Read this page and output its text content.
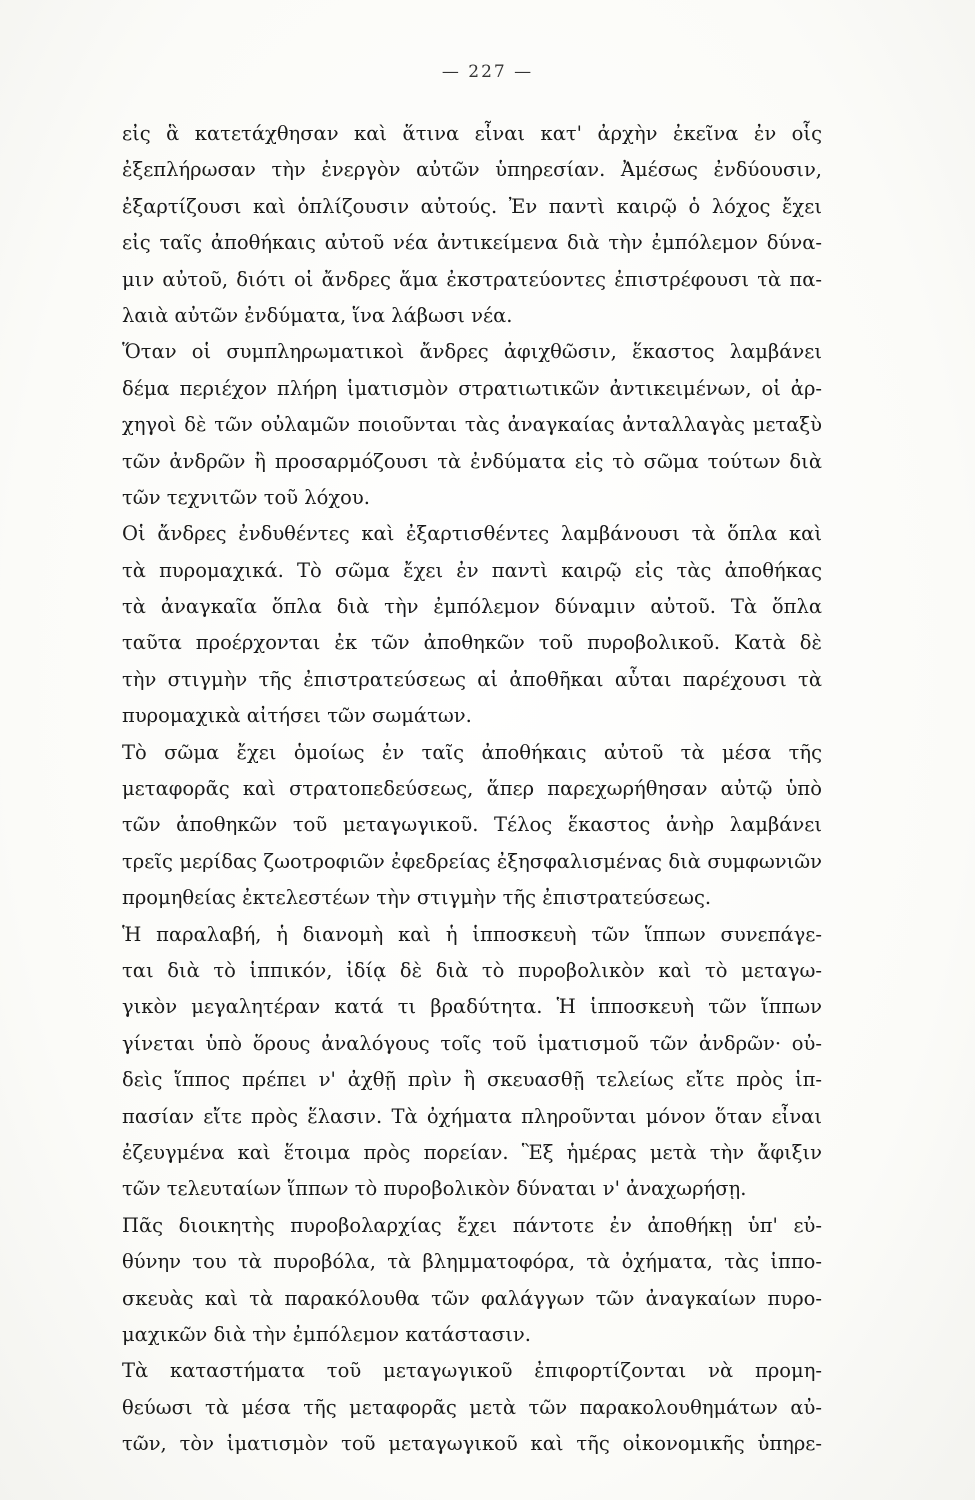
— 227 —
εἰς ἃ κατετάχθησαν καὶ ἅτινα εἶναι κατ' ἀρχὴν ἐκεῖνα ἐν οἷς
ἐξεπλήρωσαν τὴν ἐνεργὸν αὐτῶν ὑπηρεσίαν. Ἀμέσως ἐνδύουσιν,
ἐξαρτίζουσι καὶ ὁπλίζουσιν αὐτούς. Ἐν παντὶ καιρῷ ὁ λόχος ἔχει
εἰς ταῖς ἀποθήκαις αὐτοῦ νέα ἀντικείμενα διὰ τὴν ἐμπόλεμον δύνα-
μιν αὐτοῦ, διότι οἱ ἄνδρες ἅμα ἐκστρατεύοντες ἐπιστρέφουσι τὰ πα-
λαιὰ αὐτῶν ἐνδύματα, ἵνα λάβωσι νέα.
Ὅταν οἱ συμπληρωματικοὶ ἄνδρες ἀφιχθῶσιν, ἕκαστος λαμβάνει
δέμα περιέχον πλήρη ἱματισμὸν στρατιωτικῶν ἀντικειμένων, οἱ ἀρ-
χηγοὶ δὲ τῶν οὐλαμῶν ποιοῦνται τὰς ἀναγκαίας ἀνταλλαγὰς μεταξὺ
τῶν ἀνδρῶν ἢ προσαρμόζουσι τὰ ἐνδύματα εἰς τὸ σῶμα τούτων διὰ
τῶν τεχνιτῶν τοῦ λόχου.
Οἱ ἄνδρες ἐνδυθέντες καὶ ἐξαρτισθέντες λαμβάνουσι τὰ ὅπλα καὶ
τὰ πυρομαχικά. Τὸ σῶμα ἔχει ἐν παντὶ καιρῷ εἰς τὰς ἀποθήκας
τὰ ἀναγκαῖα ὅπλα διὰ τὴν ἐμπόλεμον δύναμιν αὐτοῦ. Τὰ ὅπλα
ταῦτα προέρχονται ἐκ τῶν ἀποθηκῶν τοῦ πυροβολικοῦ. Κατὰ δὲ
τὴν στιγμὴν τῆς ἐπιστρατεύσεως αἱ ἀποθῆκαι αὗται παρέχουσι τὰ
πυρομαχικὰ αἰτήσει τῶν σωμάτων.
Τὸ σῶμα ἔχει ὁμοίως ἐν ταῖς ἀποθήκαις αὐτοῦ τὰ μέσα τῆς
μεταφορᾶς καὶ στρατοπεδεύσεως, ἅπερ παρεχωρήθησαν αὐτῷ ὑπὸ
τῶν ἀποθηκῶν τοῦ μεταγωγικοῦ. Τέλος ἕκαστος ἀνὴρ λαμβάνει
τρεῖς μερίδας ζωοτροφιῶν ἐφεδρείας ἐξησφαλισμένας διὰ συμφωνιῶν
προμηθείας ἐκτελεστέων τὴν στιγμὴν τῆς ἐπιστρατεύσεως.
Ἡ παραλαβή, ἡ διανομὴ καὶ ἡ ἱπποσκευὴ τῶν ἵππων συνεπάγε-
ται διὰ τὸ ἱππικόν, ἰδίᾳ δὲ διὰ τὸ πυροβολικὸν καὶ τὸ μεταγω-
γικὸν μεγαλητέραν κατά τι βραδύτητα. Ἡ ἱπποσκευὴ τῶν ἵππων
γίνεται ὑπὸ ὅρους ἀναλόγους τοῖς τοῦ ἱματισμοῦ τῶν ἀνδρῶν· οὐ-
δεὶς ἵππος πρέπει ν' ἀχθῇ πρὶν ἢ σκευασθῇ τελείως εἴτε πρὸς ἱπ-
πασίαν εἴτε πρὸς ἕλασιν. Τὰ ὀχήματα πληροῦνται μόνον ὅταν εἶναι
ἐζευγμένα καὶ ἕτοιμα πρὸς πορείαν. Ἓξ ἡμέρας μετὰ τὴν ἄφιξιν
τῶν τελευταίων ἵππων τὸ πυροβολικὸν δύναται ν' ἀναχωρήσῃ.
Πᾶς διοικητὴς πυροβολαρχίας ἔχει πάντοτε ἐν ἀποθήκῃ ὑπ' εὐ-
θύνην του τὰ πυροβόλα, τὰ βλημματοφόρα, τὰ ὀχήματα, τὰς ἱππο-
σκευὰς καὶ τὰ παρακόλουθα τῶν φαλάγγων τῶν ἀναγκαίων πυρο-
μαχικῶν διὰ τὴν ἐμπόλεμον κατάστασιν.
Τὰ καταστήματα τοῦ μεταγωγικοῦ ἐπιφορτίζονται νὰ προμη-
θεύωσι τὰ μέσα τῆς μεταφορᾶς μετὰ τῶν παρακολουθημάτων αὐ-
τῶν, τὸν ἱματισμὸν τοῦ μεταγωγικοῦ καὶ τῆς οἰκονομικῆς ὑπηρε-
